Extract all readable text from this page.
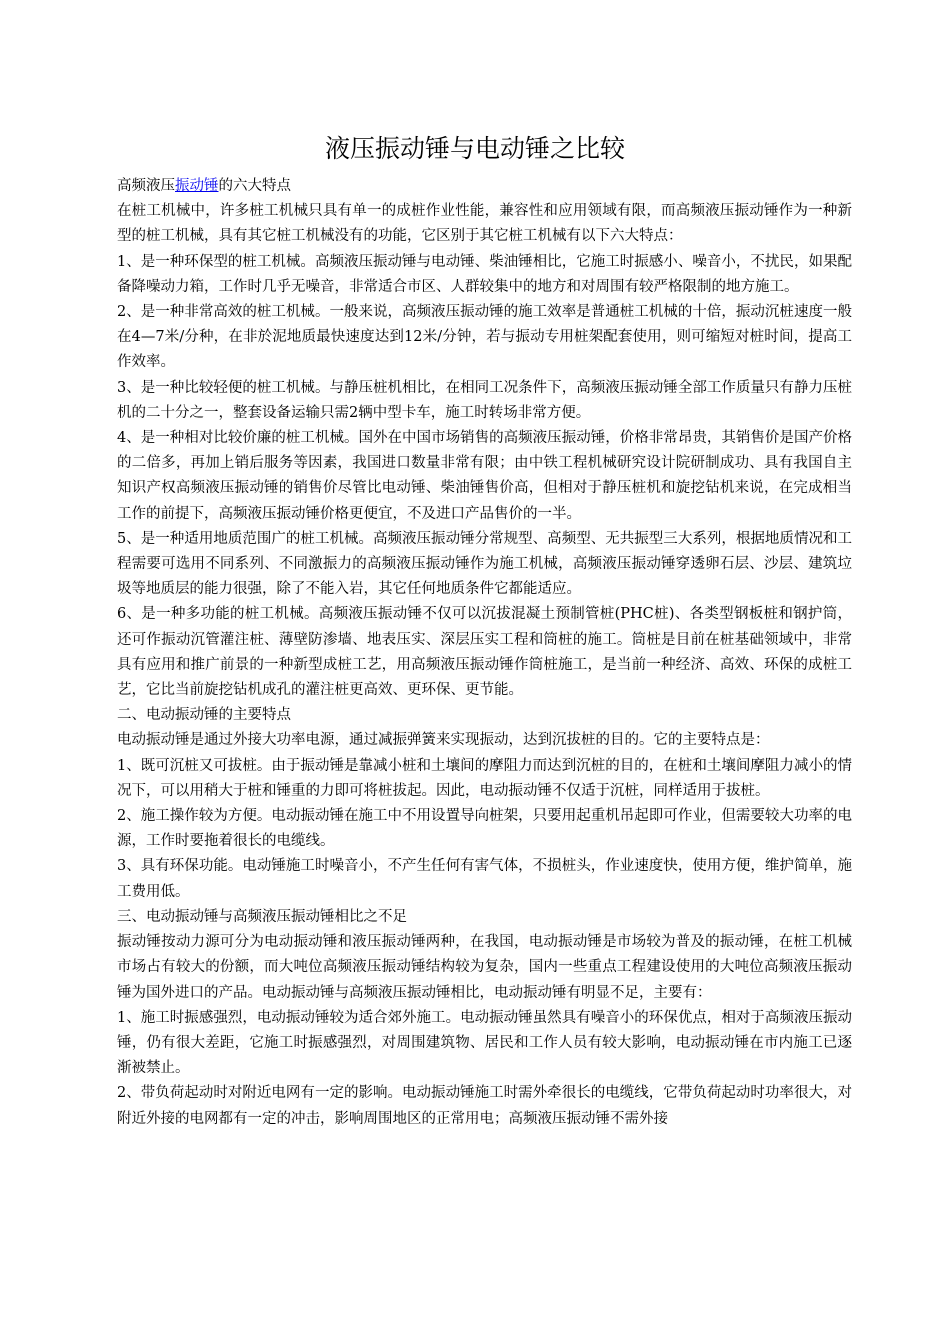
液压振动锤与电动锤之比较

高频液压振动锤的六大特点

在桩工机械中，许多桩工机械只具有单一的成桩作业性能，兼容性和应用领域有限，而高频液压振动锤作为一种新型的桩工机械，具有其它桩工机械没有的功能，它区别于其它桩工机械有以下六大特点：

1、是一种环保型的桩工机械。高频液压振动锤与电动锤、柴油锤相比，它施工时振感小、噪音小，不扰民，如果配备降噪动力箱，工作时几乎无噪音，非常适合市区、人群较集中的地方和对周围有较严格限制的地方施工。

2、是一种非常高效的桩工机械。一般来说，高频液压振动锤的施工效率是普通桩工机械的十倍，振动沉桩速度一般在4—7米/分种，在非於泥地质最快速度达到12米/分钟，若与振动专用桩架配套使用，则可缩短对桩时间，提高工作效率。

3、是一种比较轻便的桩工机械。与静压桩机相比，在相同工况条件下，高频液压振动锤全部工作质量只有静力压桩机的二十分之一，整套设备运输只需2辆中型卡车，施工时转场非常方便。

4、是一种相对比较价廉的桩工机械。国外在中国市场销售的高频液压振动锤，价格非常昂贵，其销售价是国产价格的二倍多，再加上销后服务等因素，我国进口数量非常有限；由中铁工程机械研究设计院研制成功、具有我国自主知识产权高频液压振动锤的销售价尽管比电动锤、柴油锤售价高，但相对于静压桩机和旋挖钻机来说，在完成相当工作的前提下，高频液压振动锤价格更便宜，不及进口产品售价的一半。

5、是一种适用地质范围广的桩工机械。高频液压振动锤分常规型、高频型、无共振型三大系列，根据地质情况和工程需要可选用不同系列、不同激振力的高频液压振动锤作为施工机械，高频液压振动锤穿透卵石层、沙层、建筑垃圾等地质层的能力很强，除了不能入岩，其它任何地质条件它都能适应。

6、是一种多功能的桩工机械。高频液压振动锤不仅可以沉拔混凝土预制管桩(PHC桩)、各类型钢板桩和钢护筒，还可作振动沉管灌注桩、薄壁防渗墙、地表压实、深层压实工程和筒桩的施工。筒桩是目前在桩基础领域中，非常具有应用和推广前景的一种新型成桩工艺，用高频液压振动锤作筒桩施工，是当前一种经济、高效、环保的成桩工艺，它比当前旋挖钻机成孔的灌注桩更高效、更环保、更节能。

二、电动振动锤的主要特点

电动振动锤是通过外接大功率电源，通过减振弹簧来实现振动，达到沉拔桩的目的。它的主要特点是：

1、既可沉桩又可拔桩。由于振动锤是靠减小桩和土壤间的摩阻力而达到沉桩的目的，在桩和土壤间摩阻力减小的情况下，可以用稍大于桩和锤重的力即可将桩拔起。因此，电动振动锤不仅适于沉桩，同样适用于拔桩。

2、施工操作较为方便。电动振动锤在施工中不用设置导向桩架，只要用起重机吊起即可作业，但需要较大功率的电源，工作时要拖着很长的电缆线。

3、具有环保功能。电动锤施工时噪音小，不产生任何有害气体，不损桩头，作业速度快，使用方便，维护简单，施工费用低。

三、电动振动锤与高频液压振动锤相比之不足

振动锤按动力源可分为电动振动锤和液压振动锤两种，在我国，电动振动锤是市场较为普及的振动锤，在桩工机械市场占有较大的份额，而大吨位高频液压振动锤结构较为复杂，国内一些重点工程建设使用的大吨位高频液压振动锤为国外进口的产品。电动振动锤与高频液压振动锤相比，电动振动锤有明显不足，主要有：

1、施工时振感强烈，电动振动锤较为适合郊外施工。电动振动锤虽然具有噪音小的环保优点，相对于高频液压振动锤，仍有很大差距，它施工时振感强烈，对周围建筑物、居民和工作人员有较大影响，电动振动锤在市内施工已逐渐被禁止。

2、带负荷起动时对附近电网有一定的影响。电动振动锤施工时需外牵很长的电缆线，它带负荷起动时功率很大，对附近外接的电网都有一定的冲击，影响周围地区的正常用电；高频液压振动锤不需外接
